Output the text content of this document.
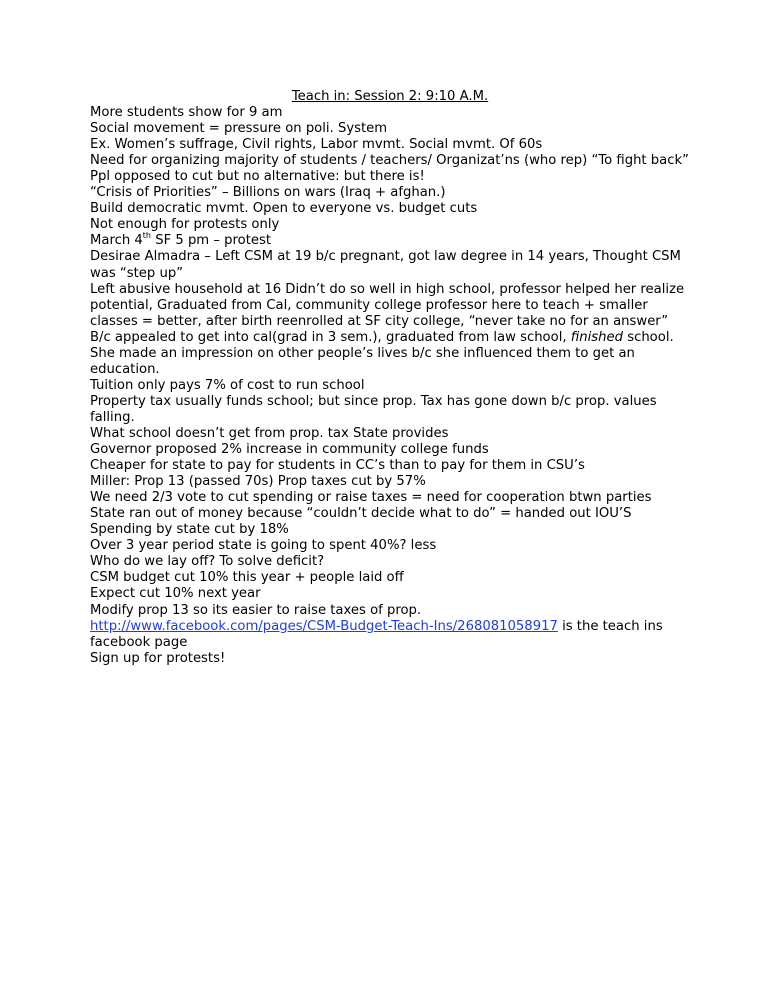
Teach in: Session 2: 9:10 A.M.

More students show for 9 am

Social movement = pressure on poli. System

Ex. Women’s suffrage, Civil rights, Labor mvmt. Social mvmt. Of 60s

Need for organizing majority of students / teachers/ Organizat’ns (who rep) “To fight back”

Ppl opposed to cut but no alternative: but there is!

“Crisis of Priorities” – Billions on wars (Iraq + afghan.)

Build democratic mvmt. Open to everyone vs. budget cuts

Not enough for protests only

March 4th SF 5 pm – protest

Desirae Almadra – Left CSM at 19 b/c pregnant, got law degree in 14 years, Thought CSM was “step up”

Left abusive household at 16 Didn’t do so well in high school, professor helped her realize potential, Graduated from Cal, community college professor here to teach + smaller classes = better, after birth reenrolled at SF city college, “never take no for an answer” B/c appealed to get into cal(grad in 3 sem.), graduated from law school, finished school. She made an impression on other people’s lives b/c she influenced them to get an education.

Tuition only pays 7% of cost to run school

Property tax usually funds school; but since prop. Tax has gone down b/c prop. values falling.

What school doesn’t get from prop. tax State provides

Governor proposed 2% increase in community college funds

Cheaper for state to pay for students in CC’s than to pay for them in CSU’s

Miller: Prop 13 (passed 70s) Prop taxes cut by 57%

We need 2/3 vote to cut spending or raise taxes = need for cooperation btwn parties

State ran out of money because “couldn’t decide what to do” = handed out IOU’S

Spending by state cut by 18%

Over 3 year period state is going to spent 40%? less

Who do we lay off? To solve deficit?

CSM budget cut 10% this year + people laid off

Expect cut 10% next year

Modify prop 13 so its easier to raise taxes of prop.

http://www.facebook.com/pages/CSM-Budget-Teach-Ins/268081058917 is the teach ins facebook page

Sign up for protests!
